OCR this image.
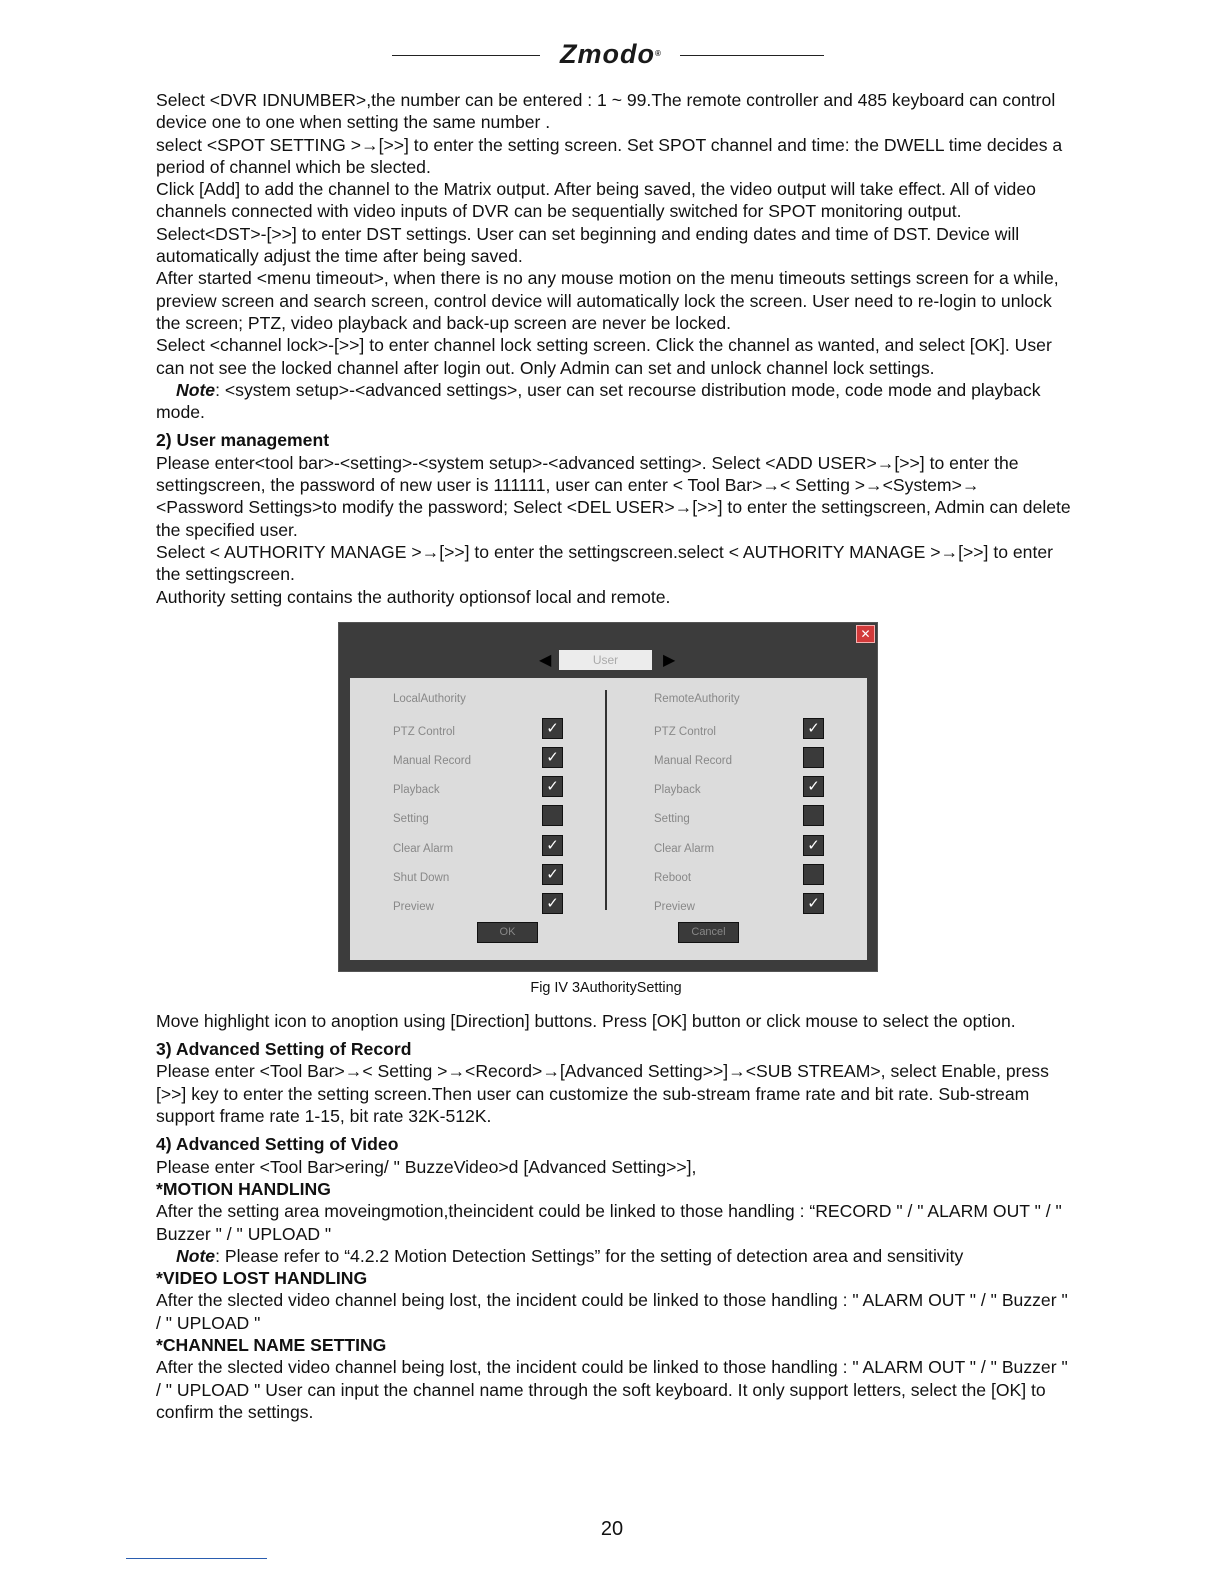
Zmodo®

Select <DVR IDNUMBER>,the number can be entered : 1 ~ 99.The remote controller and 485 keyboard can control device one to one when setting the same number .

select <SPOT SETTING >→[>>] to enter the setting screen. Set SPOT channel and time: the DWELL time decides a period of channel which be slected.

Click [Add] to add the channel to the Matrix output. After being saved, the video output will take effect. All of video channels connected with video inputs of DVR can be sequentially switched for SPOT monitoring output.

Select<DST>-[>>] to enter DST settings. User can set beginning and ending dates and time of DST. Device will automatically adjust the time after being saved.

After started <menu timeout>, when there is no any mouse motion on the menu timeouts settings screen for a while, preview screen and search screen, control device will automatically lock the screen. User need to re-login to unlock the screen; PTZ, video playback and back-up screen are never be locked.

Select <channel lock>-[>>] to enter channel lock setting screen. Click the channel as wanted, and select [OK]. User can not see the locked channel after login out. Only Admin can set and unlock channel lock settings.

Note: <system setup>-<advanced settings>, user can set recourse distribution mode, code mode and playback mode.

2) User management

Please enter<tool bar>-<setting>-<system setup>-<advanced setting>. Select <ADD USER>→[>>] to enter the settingscreen, the password of new user is 111111, user can enter < Tool Bar>→< Setting >→<System>→ <Password Settings>to modify the password; Select <DEL USER>→[>>] to enter the settingscreen, Admin can delete the specified user.

Select < AUTHORITY MANAGE >→[>>] to enter the settingscreen.select < AUTHORITY MANAGE >→[>>] to enter the settingscreen.

Authority setting contains the authority optionsof local and remote.

✕
◀	User	▶
LocalAuthority
PTZ Control	✓
Manual Record	✓
Playback	✓
Setting
Clear Alarm	✓
Shut Down	✓
Preview	✓
RemoteAuthority
PTZ Control	✓
Manual Record
Playback	✓
Setting
Clear Alarm	✓
Reboot
Preview	✓
OK	Cancel
Fig IV 3AuthoritySetting

Move highlight icon to anoption using [Direction] buttons. Press [OK] button or click mouse to select the option.

3) Advanced Setting of Record

Please enter <Tool Bar>→< Setting >→<Record>→[Advanced Setting>>]→<SUB STREAM>, select Enable, press [>>] key to enter the setting screen.Then user can customize the sub-stream frame rate and bit rate. Sub-stream support frame rate 1-15, bit rate 32K-512K.

4) Advanced Setting of Video

Please enter <Tool Bar>ering/ " BuzzeVideo>d [Advanced Setting>>],

*MOTION HANDLING

After the setting area moveingmotion,theincident could be linked to those handling : “RECORD " / " ALARM OUT " / " Buzzer " / " UPLOAD "

Note: Please refer to “4.2.2 Motion Detection Settings” for the setting of detection area and sensitivity

*VIDEO LOST HANDLING

After the slected video channel being lost, the incident could be linked to those handling : " ALARM OUT " / " Buzzer " / " UPLOAD "

*CHANNEL NAME SETTING

After the slected video channel being lost, the incident could be linked to those handling : " ALARM OUT " / " Buzzer " / " UPLOAD " User can input the channel name through the soft keyboard. It only support letters, select the [OK] to confirm the settings.

20
